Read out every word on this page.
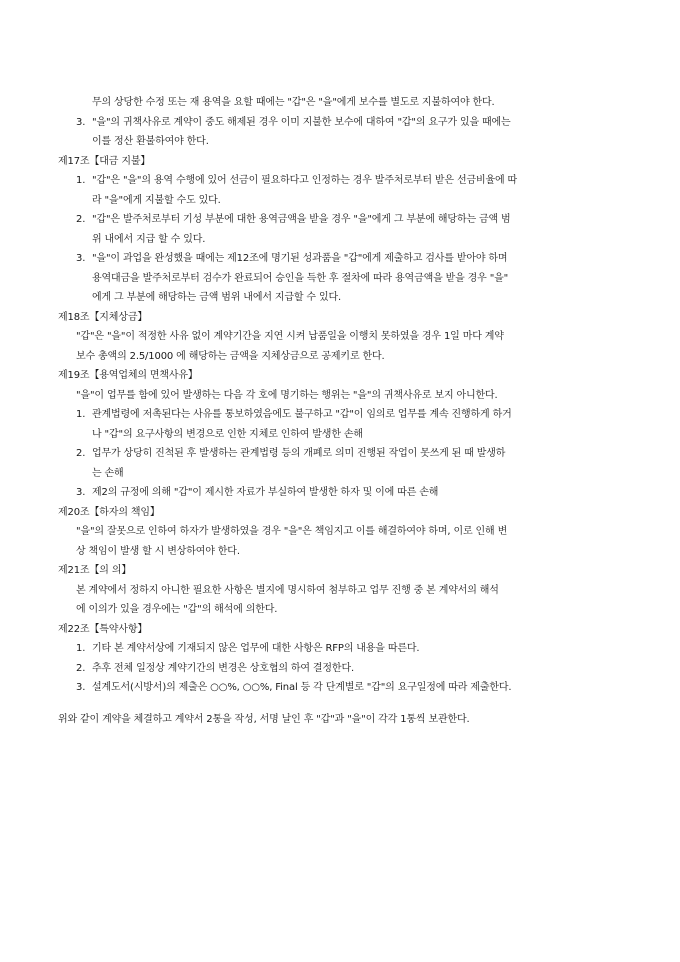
무의 상당한 수정 또는 재 용역을 요할 때에는 "갑"은 "을"에게 보수를 별도로 지불하여야 한다.
3. "을"의 귀책사유로 계약이 중도 해제된 경우 이미 지불한 보수에 대하여 "갑"의 요구가 있을 때에는
이를 정산 환불하여야 한다.
제17조【대금 지불】
1. "갑"은 "을"의 용역 수행에 있어 선금이 필요하다고 인정하는 경우 발주처로부터 받은 선금비율에 따
라 "을"에게 지불할 수도 있다.
2. "갑"은 발주처로부터 기성 부분에 대한 용역금액을 받을 경우 "을"에게 그 부분에 해당하는 금액 범
위 내에서 지급 할 수 있다.
3. "을"이 과업을 완성했을 때에는 제12조에 명기된 성과품을 "갑"에게 제출하고 검사를 받아야 하며
용역대금을 발주처로부터 검수가 완료되어 승인을 득한 후 절차에 따라 용역금액을 받을 경우 "을"
에게 그 부분에 해당하는 금액 범위 내에서 지급할 수 있다.
제18조【지체상금】
"갑"은 "을"이 적정한 사유 없이 계약기간을 지연 시켜 납품일을 이행치 못하였을 경우 1일 마다 계약
보수 총액의 2.5/1000 에 해당하는 금액을 지체상금으로 공제키로 한다.
제19조【용역업체의 면책사유】
"을"이 업무를 함에 있어 발생하는 다음 각 호에 명기하는 행위는 "을"의 귀책사유로 보지 아니한다.
1. 관계법령에 저촉된다는 사유를 통보하였음에도 불구하고 "갑"이 임의로 업무를 계속 진행하게 하거
나 "갑"의 요구사항의 변경으로 인한 지체로 인하여 발생한 손해
2. 업무가 상당히 진척된 후 발생하는 관계법령 등의 개폐로 의미 진행된 작업이 못쓰게 된 때 발생하
는 손해
3. 제2의 규정에 의해 "갑"이 제시한 자료가 부실하여 발생한 하자 및 이에 따른 손해
제20조【하자의 책임】
"을"의 잘못으로 인하여 하자가 발생하였을 경우 "을"은 책임지고 이를 해결하여야 하며, 이로 인해 변
상 책임이 발생 할 시 변상하여야 한다.
제21조【의 의】
본 계약에서 정하지 아니한 필요한 사항은 별지에 명시하여 첨부하고 업무 진행 중 본 계약서의 해석
에 이의가 있을 경우에는 "갑"의 해석에 의한다.
제22조【특약사항】
1. 기타 본 계약서상에 기재되지 않은 업무에 대한 사항은 RFP의 내용을 따른다.
2. 추후 전체 일정상 계약기간의 변경은 상호협의 하여 결정한다.
3. 설계도서(시방서)의 제출은 ○○%, ○○%, Final 등 각 단계별로 "갑"의 요구일정에 따라 제출한다.
위와 같이 계약을 체결하고 계약서 2통을 작성, 서명 날인 후 "갑"과 "을"이 각각 1통씩 보관한다.
